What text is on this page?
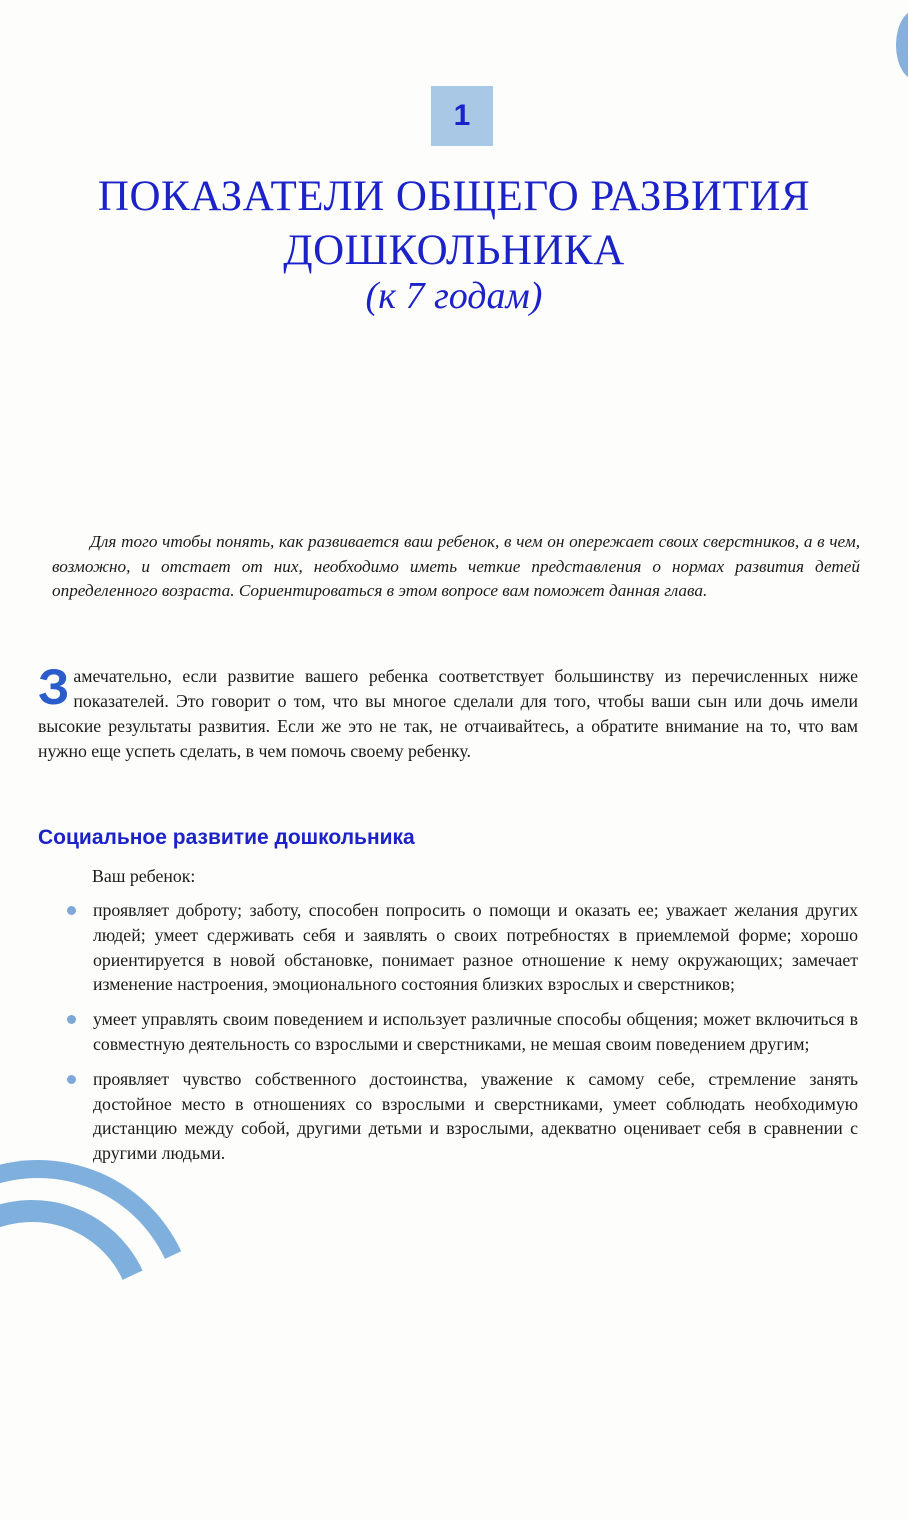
1
ПОКАЗАТЕЛИ ОБЩЕГО РАЗВИТИЯ
ДОШКОЛЬНИКА
(к 7 годам)

Для того чтобы понять, как развивается ваш ребенок, в чем он опережает своих сверстников, а в чем, возможно, и отстает от них, необходимо иметь четкие представления о нормах развития детей определенного возраста. Сориентироваться в этом вопросе вам поможет данная глава.

Замечательно, если развитие вашего ребенка соответствует большинству из перечисленных ниже показателей. Это говорит о том, что вы многое сделали для того, чтобы ваши сын или дочь имели высокие результаты развития. Если же это не так, не отчаивайтесь, а обратите внимание на то, что вам нужно еще успеть сделать, в чем помочь своему ребенку.

Социальное развитие дошкольника
Ваш ребенок:
проявляет доброту; заботу, способен попросить о помощи и оказать ее; уважает желания других людей; умеет сдерживать себя и заявлять о своих потребностях в приемлемой форме; хорошо ориентируется в новой обстановке, понимает разное отношение к нему окружающих; замечает изменение настроения, эмоционального состояния близких взрослых и сверстников;
умеет управлять своим поведением и использует различные способы общения; может включиться в совместную деятельность со взрослыми и сверстниками, не мешая своим поведением другим;
проявляет чувство собственного достоинства, уважение к самому себе, стремление занять достойное место в отношениях со взрослыми и сверстниками, умеет соблюдать необходимую дистанцию между собой, другими детьми и взрослыми, адекватно оценивает себя в сравнении с другими людьми.
